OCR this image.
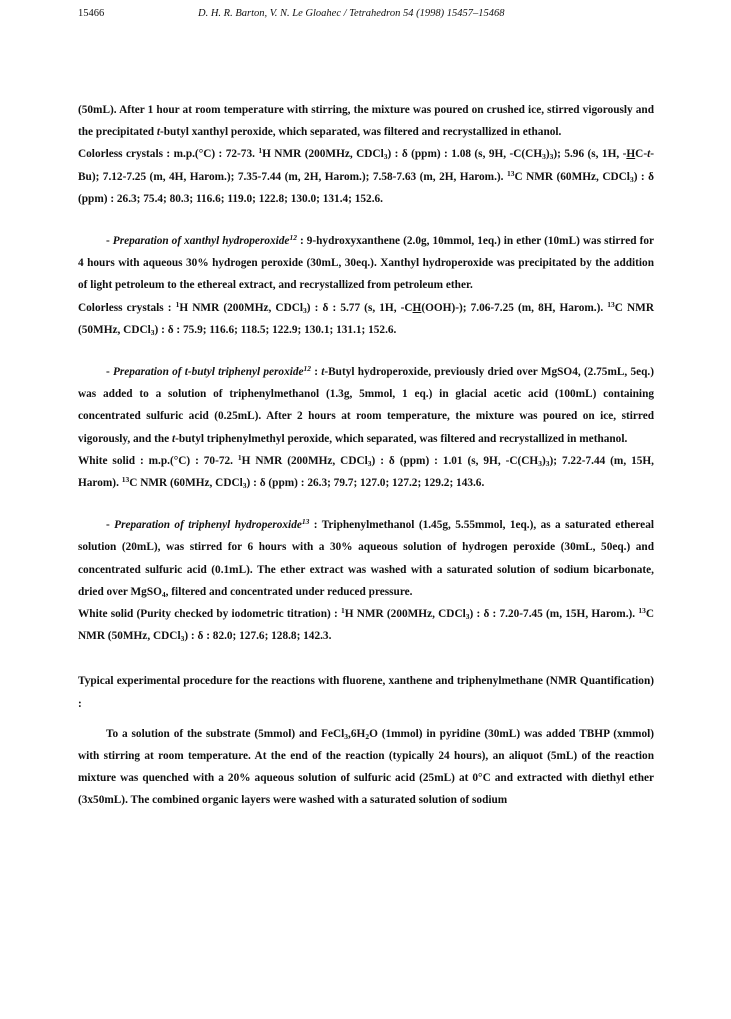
15466	D. H. R. Barton, V. N. Le Gloahec / Tetrahedron 54 (1998) 15457–15468

(50mL). After 1 hour at room temperature with stirring, the mixture was poured on crushed ice, stirred vigorously and the precipitated t-butyl xanthyl peroxide, which separated, was filtered and recrystallized in ethanol.

Colorless crystals : m.p.(°C) : 72-73. $^1$H NMR (200MHz, CDCl$_3$) : δ (ppm) : 1.08 (s, 9H, $-C(CH_3)_3$); 5.96 (s, 1H, -HC-t-Bu); 7.12-7.25 (m, 4H, Harom.); 7.35-7.44 (m, 2H, Harom.); 7.58-7.63 (m, 2H, Harom.). $^{13}$C NMR (60MHz, CDCl$_3$) : δ (ppm) : 26.3; 75.4; 80.3; 116.6; 119.0; 122.8; 130.0; 131.4; 152.6.

- Preparation of xanthyl hydroperoxide$^{12}$ : 9-hydroxyxanthene (2.0g, 10mmol, 1eq.) in ether (10mL) was stirred for 4 hours with aqueous 30% hydrogen peroxide (30mL, 30eq.). Xanthyl hydroperoxide was precipitated by the addition of light petroleum to the ethereal extract, and recrystallized from petroleum ether.

Colorless crystals : $^1$H NMR (200MHz, CDCl$_3$) : δ : 5.77 (s, 1H, -CH(OOH)-); 7.06-7.25 (m, 8H, Harom.). $^{13}$C NMR (50MHz, CDCl$_3$) : δ : 75.9; 116.6; 118.5; 122.9; 130.1; 131.1; 152.6.

- Preparation of t-butyl triphenyl peroxide$^{12}$ : t-Butyl hydroperoxide, previously dried over MgSO4, (2.75mL, 5eq.) was added to a solution of triphenylmethanol (1.3g, 5mmol, 1 eq.) in glacial acetic acid (100mL) containing concentrated sulfuric acid (0.25mL). After 2 hours at room temperature, the mixture was poured on ice, stirred vigorously, and the t-butyl triphenylmethyl peroxide, which separated, was filtered and recrystallized in methanol.

White solid : m.p.(°C) : 70-72. $^1$H NMR (200MHz, CDCl$_3$) : δ (ppm) : 1.01 (s, 9H, $-C(CH_3)_3$); 7.22-7.44 (m, 15H, Harom). $^{13}$C NMR (60MHz, CDCl$_3$) : δ (ppm) : 26.3; 79.7; 127.0; 127.2; 129.2; 143.6.

- Preparation of triphenyl hydroperoxide$^{13}$ : Triphenylmethanol (1.45g, 5.55mmol, 1eq.), as a saturated ethereal solution (20mL), was stirred for 6 hours with a 30% aqueous solution of hydrogen peroxide (30mL, 50eq.) and concentrated sulfuric acid (0.1mL). The ether extract was washed with a saturated solution of sodium bicarbonate, dried over MgSO$_4$, filtered and concentrated under reduced pressure.

White solid (Purity checked by iodometric titration) : $^1$H NMR (200MHz, CDCl$_3$) : δ : 7.20-7.45 (m, 15H, Harom.). $^{13}$C NMR (50MHz, CDCl$_3$) : δ : 82.0; 127.6; 128.8; 142.3.

Typical experimental procedure for the reactions with fluorene, xanthene and triphenylmethane (NMR Quantification) :

To a solution of the substrate (5mmol) and $FeCl_3,6H_2O$ (1mmol) in pyridine (30mL) was added TBHP (xmmol) with stirring at room temperature. At the end of the reaction (typically 24 hours), an aliquot (5mL) of the reaction mixture was quenched with a 20% aqueous solution of sulfuric acid (25mL) at 0°C and extracted with diethyl ether (3x50mL). The combined organic layers were washed with a saturated solution of sodium
